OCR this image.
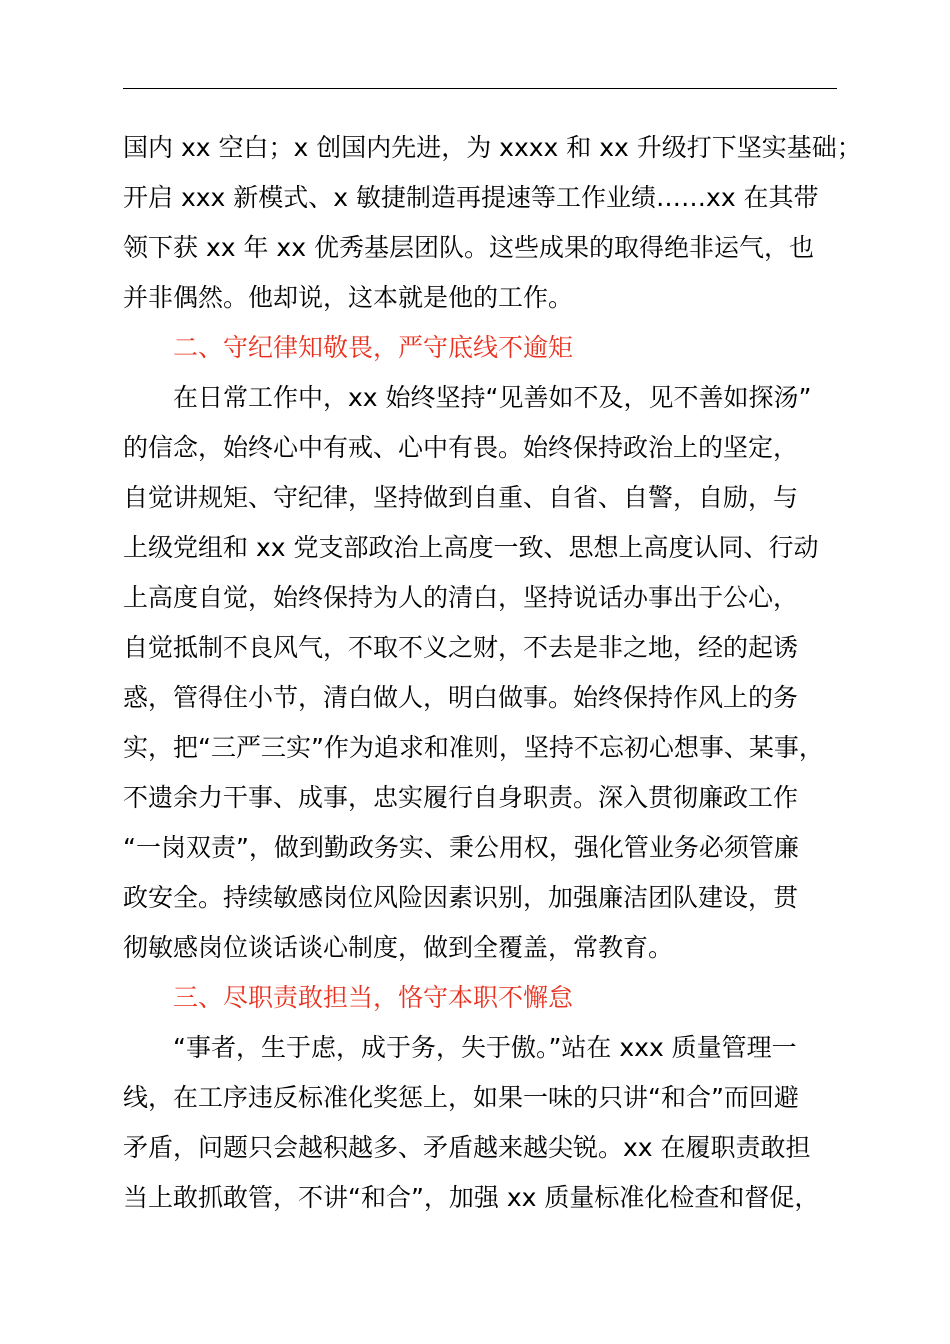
国内 xx 空白；x 创国内先进，为 xxxx 和 xx 升级打下坚实基础；
开启 xxx 新模式、x 敏捷制造再提速等工作业绩……xx 在其带
领下获 xx 年 xx 优秀基层团队。这些成果的取得绝非运气，也
并非偶然。他却说，这本就是他的工作。
二、守纪律知敬畏，严守底线不逾矩
在日常工作中，xx 始终坚持“见善如不及，见不善如探汤”
的信念，始终心中有戒、心中有畏。始终保持政治上的坚定，
自觉讲规矩、守纪律，坚持做到自重、自省、自警，自励，与
上级党组和 xx 党支部政治上高度一致、思想上高度认同、行动
上高度自觉，始终保持为人的清白，坚持说话办事出于公心，
自觉抵制不良风气，不取不义之财，不去是非之地，经的起诱
惑，管得住小节，清白做人，明白做事。始终保持作风上的务
实，把“三严三实”作为追求和准则，坚持不忘初心想事、某事，
不遗余力干事、成事，忠实履行自身职责。深入贯彻廉政工作
“一岗双责”，做到勤政务实、秉公用权，强化管业务必须管廉
政安全。持续敏感岗位风险因素识别，加强廉洁团队建设，贯
彻敏感岗位谈话谈心制度，做到全覆盖，常教育。
三、尽职责敢担当，恪守本职不懈怠
“事者，生于虑，成于务，失于傲。”站在 xxx 质量管理一
线，在工序违反标准化奖惩上，如果一味的只讲“和合”而回避
矛盾，问题只会越积越多、矛盾越来越尖锐。xx 在履职责敢担
当上敢抓敢管，不讲“和合”，加强 xx 质量标准化检查和督促，
